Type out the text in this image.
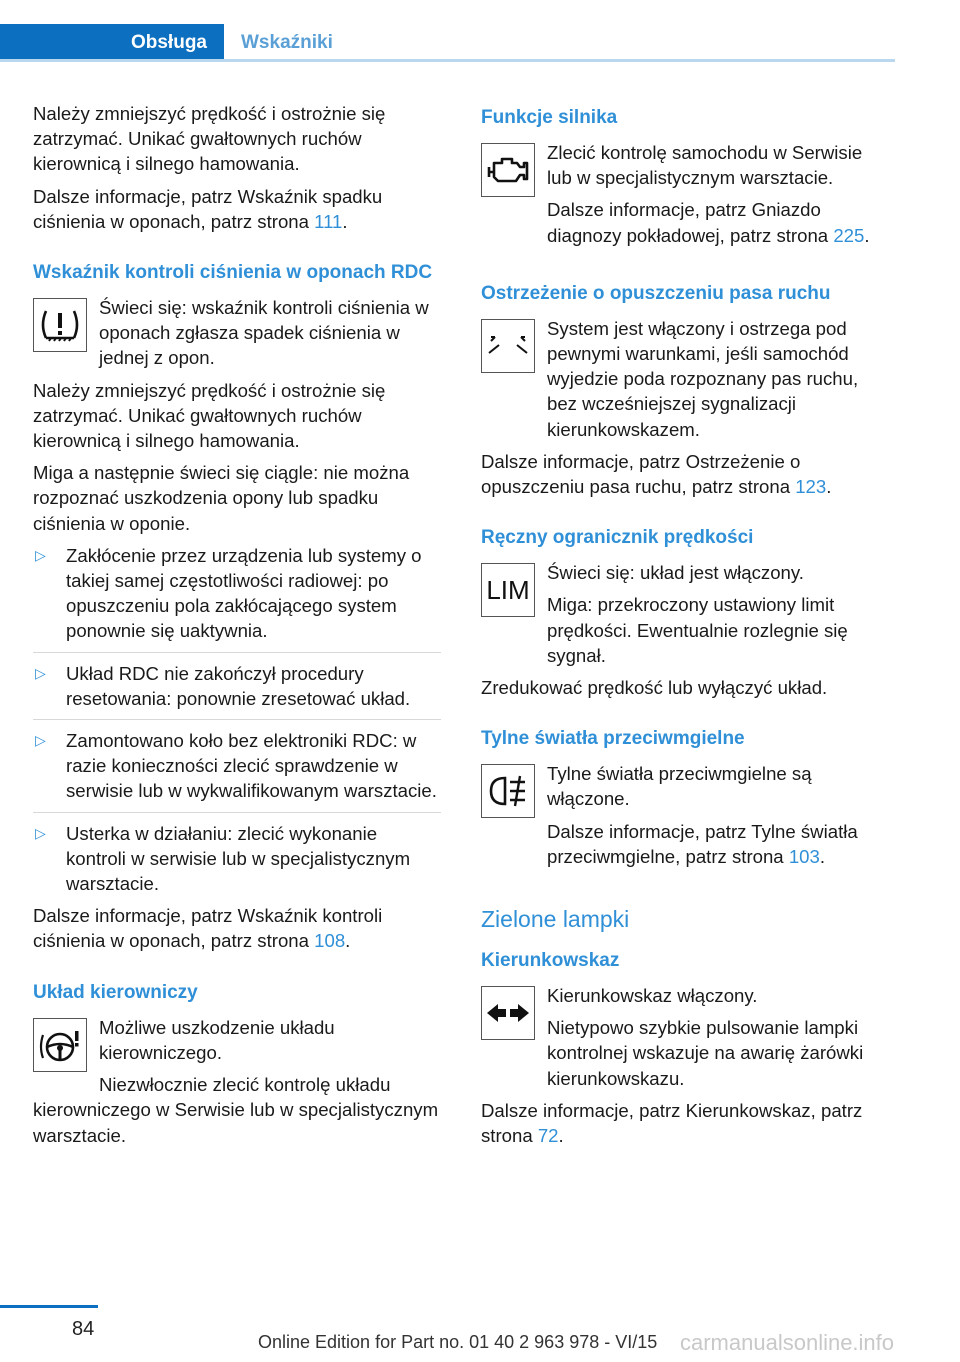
Obsługa	Wskaźniki

Należy zmniejszyć prędkość i ostrożnie się zatrzymać. Unikać gwałtownych ruchów kierownicą i silnego hamowania.

Dalsze informacje, patrz Wskaźnik spadku ciśnienia w oponach, patrz strona 111.

Wskaźnik kontroli ciśnienia w oponach RDC

Świeci się: wskaźnik kontroli ciśnienia w oponach zgłasza spadek ciśnienia w jednej z opon.

Należy zmniejszyć prędkość i ostrożnie się zatrzymać. Unikać gwałtownych ruchów kierownicą i silnego hamowania.

Miga a następnie świeci się ciągle: nie można rozpoznać uszkodzenia opony lub spadku ciśnienia w oponie.

▷ Zakłócenie przez urządzenia lub systemy o takiej samej częstotliwości radiowej: po opuszczeniu pola zakłócającego system ponownie się uaktywnia.
▷ Układ RDC nie zakończył procedury resetowania: ponownie zresetować układ.
▷ Zamontowano koło bez elektroniki RDC: w razie konieczności zlecić sprawdzenie w serwisie lub w wykwalifikowanym warsztacie.
▷ Usterka w działaniu: zlecić wykonanie kontroli w serwisie lub w specjalistycznym warsztacie.

Dalsze informacje, patrz Wskaźnik kontroli ciśnienia w oponach, patrz strona 108.

Układ kierowniczy

Możliwe uszkodzenie układu kierowniczego.

Niezwłocznie zlecić kontrolę układu kierowniczego w Serwisie lub w specjalistycznym warsztacie.

Funkcje silnika

Zlecić kontrolę samochodu w Serwisie lub w specjalistycznym warsztacie.

Dalsze informacje, patrz Gniazdo diagnozy pokładowej, patrz strona 225.

Ostrzeżenie o opuszczeniu pasa ruchu

System jest włączony i ostrzega pod pewnymi warunkami, jeśli samochód wyjedzie poda rozpoznany pas ruchu, bez wcześniejszej sygnalizacji kierunkowskazem.

Dalsze informacje, patrz Ostrzeżenie o opuszczeniu pasa ruchu, patrz strona 123.

Ręczny ogranicznik prędkości
LIM

Świeci się: układ jest włączony.

Miga: przekroczony ustawiony limit prędkości. Ewentualnie rozlegnie się sygnał.

Zredukować prędkość lub wyłączyć układ.

Tylne światła przeciwmgielne

Tylne światła przeciwmgielne są włączone.

Dalsze informacje, patrz Tylne światła przeciwmgielne, patrz strona 103.

Zielone lampki
Kierunkowskaz

Kierunkowskaz włączony.

Nietypowo szybkie pulsowanie lampki kontrolnej wskazuje na awarię żarówki kierunkowskazu.

Dalsze informacje, patrz Kierunkowskaz, patrz strona 72.

84
Online Edition for Part no. 01 40 2 963 978 - VI/15 carmanualsonline.info
